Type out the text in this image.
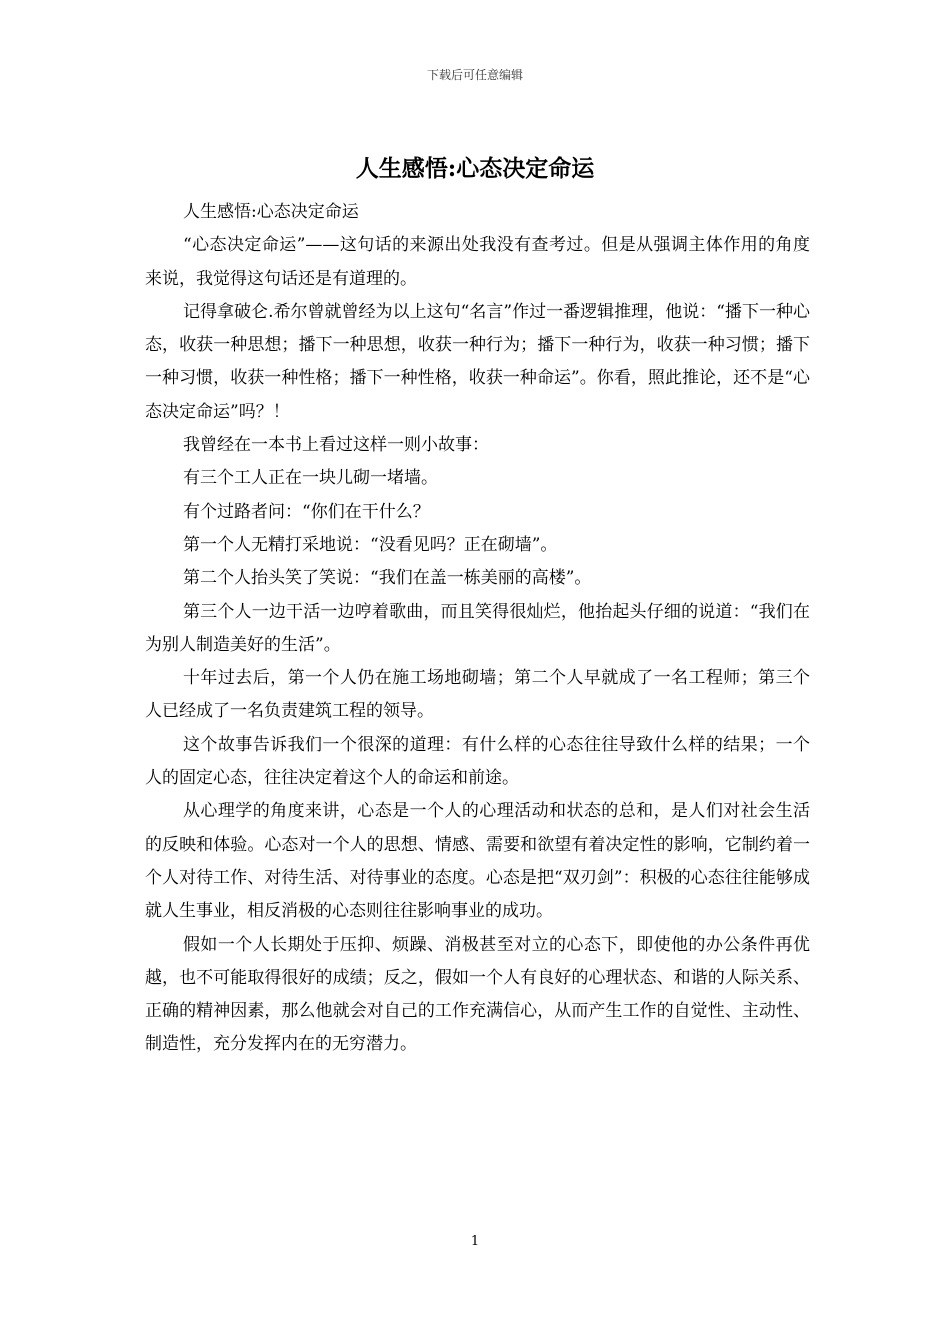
下载后可任意编辑
人生感悟:心态决定命运

人生感悟:心态决定命运

“心态决定命运”——这句话的来源出处我没有查考过。但是从强调主体作用的角度来说，我觉得这句话还是有道理的。

记得拿破仑.希尔曾就曾经为以上这句“名言”作过一番逻辑推理，他说：“播下一种心态，收获一种思想；播下一种思想，收获一种行为；播下一种行为，收获一种习惯；播下一种习惯，收获一种性格；播下一种性格，收获一种命运”。你看，照此推论，还不是“心态决定命运”吗？！

我曾经在一本书上看过这样一则小故事：

有三个工人正在一块儿砌一堵墙。

有个过路者问：“你们在干什么？

第一个人无精打采地说：“没看见吗？正在砌墙”。

第二个人抬头笑了笑说：“我们在盖一栋美丽的高楼”。

第三个人一边干活一边哼着歌曲，而且笑得很灿烂，他抬起头仔细的说道：“我们在为别人制造美好的生活”。

十年过去后，第一个人仍在施工场地砌墙；第二个人早就成了一名工程师；第三个人已经成了一名负责建筑工程的领导。

这个故事告诉我们一个很深的道理：有什么样的心态往往导致什么样的结果；一个人的固定心态，往往决定着这个人的命运和前途。

从心理学的角度来讲，心态是一个人的心理活动和状态的总和，是人们对社会生活的反映和体验。心态对一个人的思想、情感、需要和欲望有着决定性的影响，它制约着一个人对待工作、对待生活、对待事业的态度。心态是把“双刃剑”：积极的心态往往能够成就人生事业，相反消极的心态则往往影响事业的成功。

假如一个人长期处于压抑、烦躁、消极甚至对立的心态下，即使他的办公条件再优越，也不可能取得很好的成绩；反之，假如一个人有良好的心理状态、和谐的人际关系、正确的精神因素，那么他就会对自己的工作充满信心，从而产生工作的自觉性、主动性、制造性，充分发挥内在的无穷潜力。

1
